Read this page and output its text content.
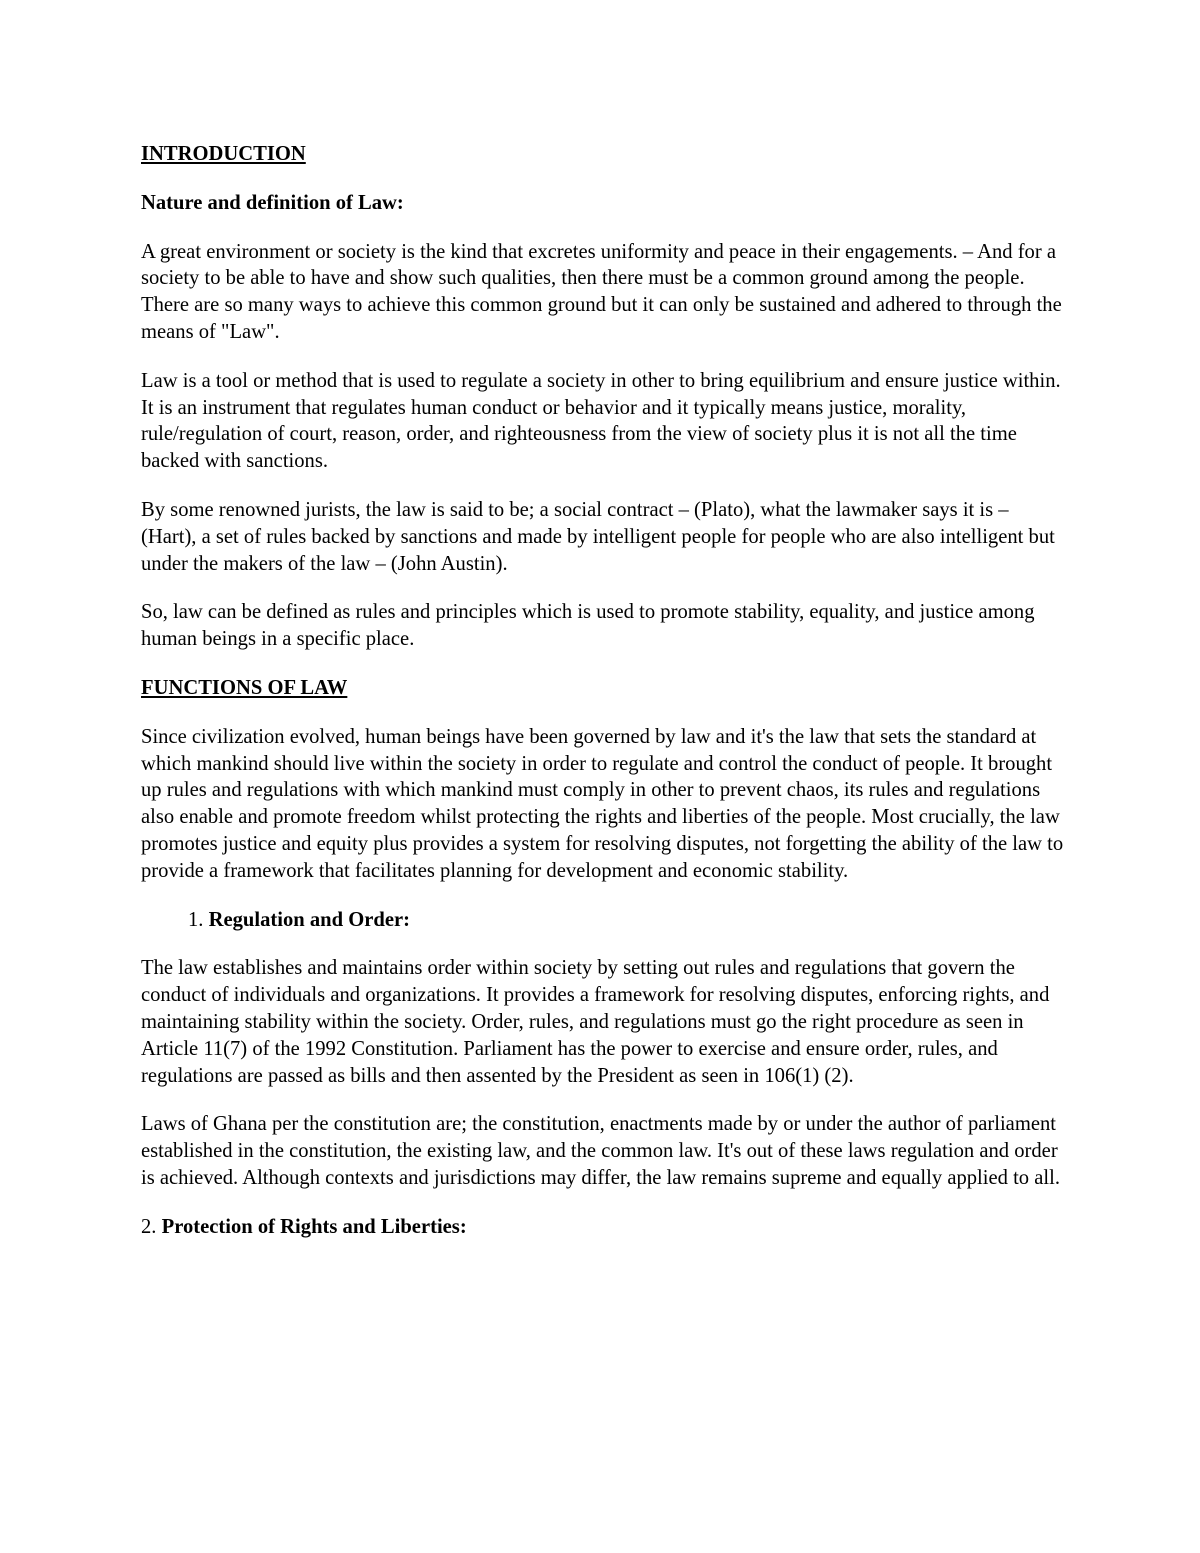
INTRODUCTION

Nature and definition of Law:

A great environment or society is the kind that excretes uniformity and peace in their engagements. – And for a society to be able to have and show such qualities, then there must be a common ground among the people. There are so many ways to achieve this common ground but it can only be sustained and adhered to through the means of "Law".

Law is a tool or method that is used to regulate a society in other to bring equilibrium and ensure justice within. It is an instrument that regulates human conduct or behavior and it typically means justice, morality, rule/regulation of court, reason, order, and righteousness from the view of society plus it is not all the time backed with sanctions.

By some renowned jurists, the law is said to be; a social contract – (Plato), what the lawmaker says it is – (Hart), a set of rules backed by sanctions and made by intelligent people for people who are also intelligent but under the makers of the law – (John Austin).

So, law can be defined as rules and principles which is used to promote stability, equality, and justice among human beings in a specific place.

FUNCTIONS OF LAW

Since civilization evolved, human beings have been governed by law and it's the law that sets the standard at which mankind should live within the society in order to regulate and control the conduct of people. It brought up rules and regulations with which mankind must comply in other to prevent chaos, its rules and regulations also enable and promote freedom whilst protecting the rights and liberties of the people. Most crucially, the law promotes justice and equity plus provides a system for resolving disputes, not forgetting the ability of the law to provide a framework that facilitates planning for development and economic stability.

1. Regulation and Order:

The law establishes and maintains order within society by setting out rules and regulations that govern the conduct of individuals and organizations. It provides a framework for resolving disputes, enforcing rights, and maintaining stability within the society. Order, rules, and regulations must go the right procedure as seen in Article 11(7) of the 1992 Constitution. Parliament has the power to exercise and ensure order, rules, and regulations are passed as bills and then assented by the President as seen in 106(1) (2).

Laws of Ghana per the constitution are; the constitution, enactments made by or under the author of parliament established in the constitution, the existing law, and the common law. It's out of these laws regulation and order is achieved. Although contexts and jurisdictions may differ, the law remains supreme and equally applied to all.

2. Protection of Rights and Liberties:
